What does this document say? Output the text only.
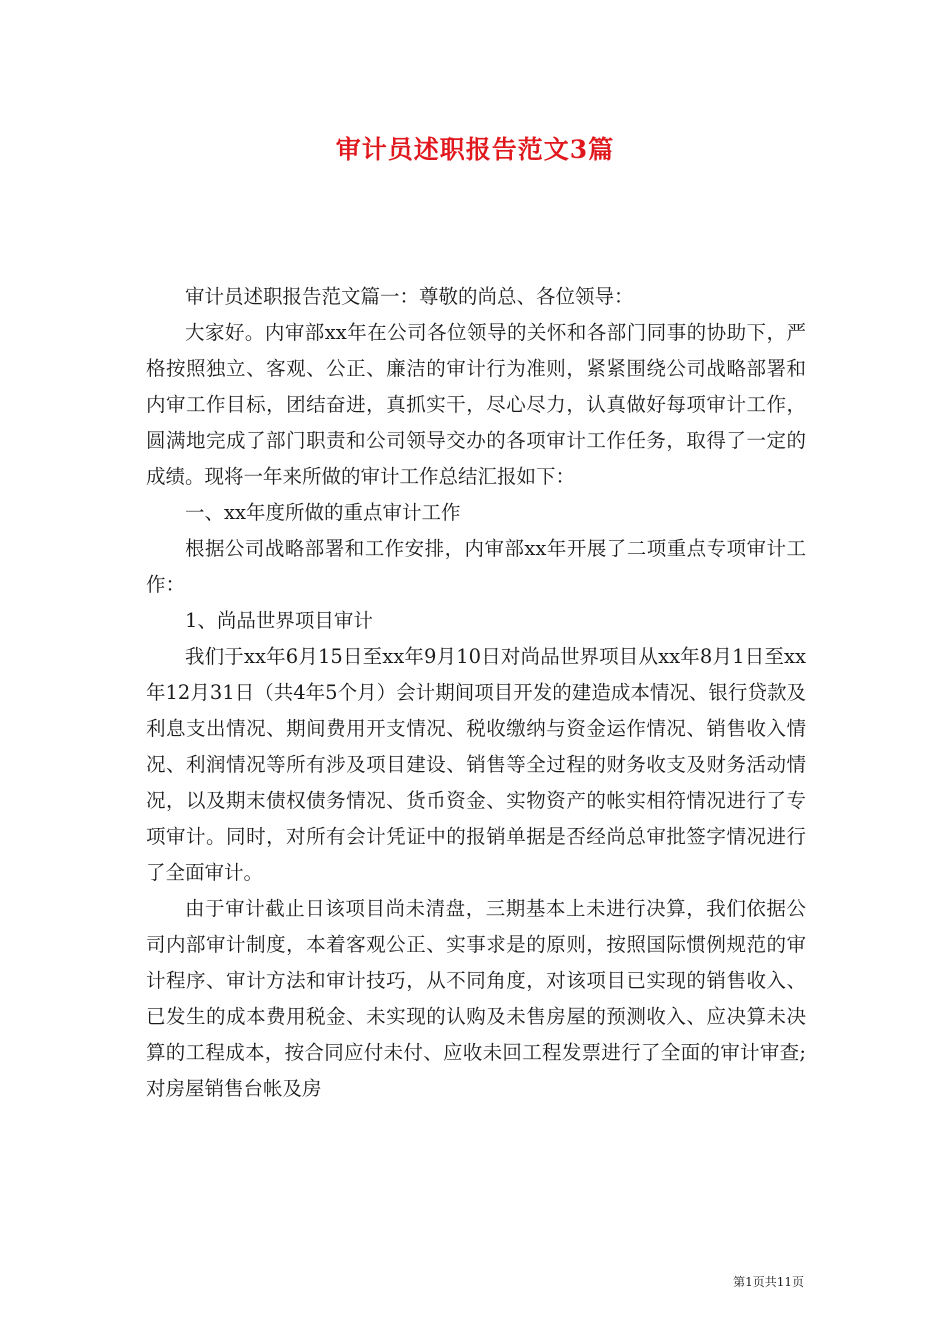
审计员述职报告范文3篇

审计员述职报告范文篇一：尊敬的尚总、各位领导：

大家好。内审部xx年在公司各位领导的关怀和各部门同事的协助下，严格按照独立、客观、公正、廉洁的审计行为准则，紧紧围绕公司战略部署和内审工作目标，团结奋进，真抓实干，尽心尽力，认真做好每项审计工作，圆满地完成了部门职责和公司领导交办的各项审计工作任务，取得了一定的成绩。现将一年来所做的审计工作总结汇报如下：

一、xx年度所做的重点审计工作

根据公司战略部署和工作安排，内审部xx年开展了二项重点专项审计工作：

1、尚品世界项目审计

我们于xx年6月15日至xx年9月10日对尚品世界项目从xx年8月1日至xx年12月31日（共4年5个月）会计期间项目开发的建造成本情况、银行贷款及利息支出情况、期间费用开支情况、税收缴纳与资金运作情况、销售收入情况、利润情况等所有涉及项目建设、销售等全过程的财务收支及财务活动情况，以及期末债权债务情况、货币资金、实物资产的帐实相符情况进行了专项审计。同时，对所有会计凭证中的报销单据是否经尚总审批签字情况进行了全面审计。

由于审计截止日该项目尚未清盘，三期基本上未进行决算，我们依据公司内部审计制度，本着客观公正、实事求是的原则，按照国际惯例规范的审计程序、审计方法和审计技巧，从不同角度，对该项目已实现的销售收入、已发生的成本费用税金、未实现的认购及未售房屋的预测收入、应决算未决算的工程成本，按合同应付未付、应收未回工程发票进行了全面的审计审查;对房屋销售台帐及房

第1页共11页
